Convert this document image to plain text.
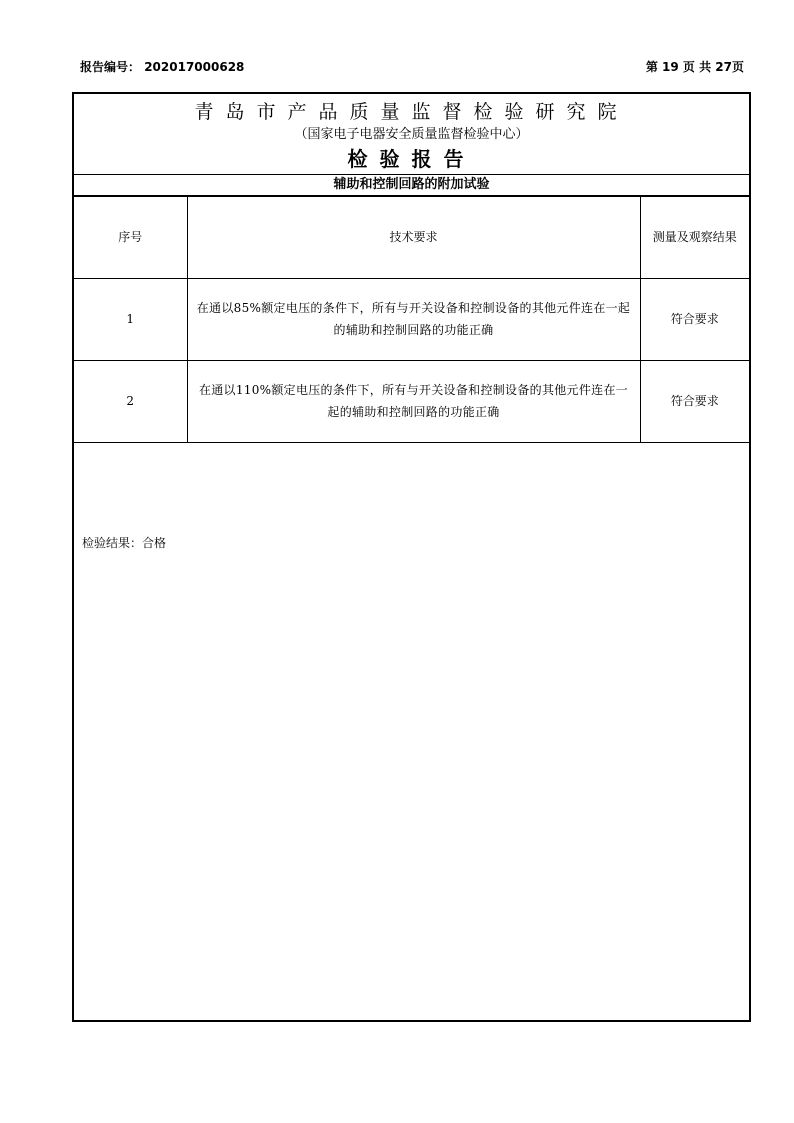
报告编号： 202017000628	第 19 页 共 27页
青岛市产品质量监督检验研究院
（国家电子电器安全质量监督检验中心）
检验报告
辅助和控制回路的附加试验
序号	技术要求	测量及观察结果
1	在通以85%额定电压的条件下，所有与开关设备和控制设备的其他元件连在一起的辅助和控制回路的功能正确	符合要求
2	在通以110%额定电压的条件下，所有与开关设备和控制设备的其他元件连在一起的辅助和控制回路的功能正确	符合要求
检验结果：合格
